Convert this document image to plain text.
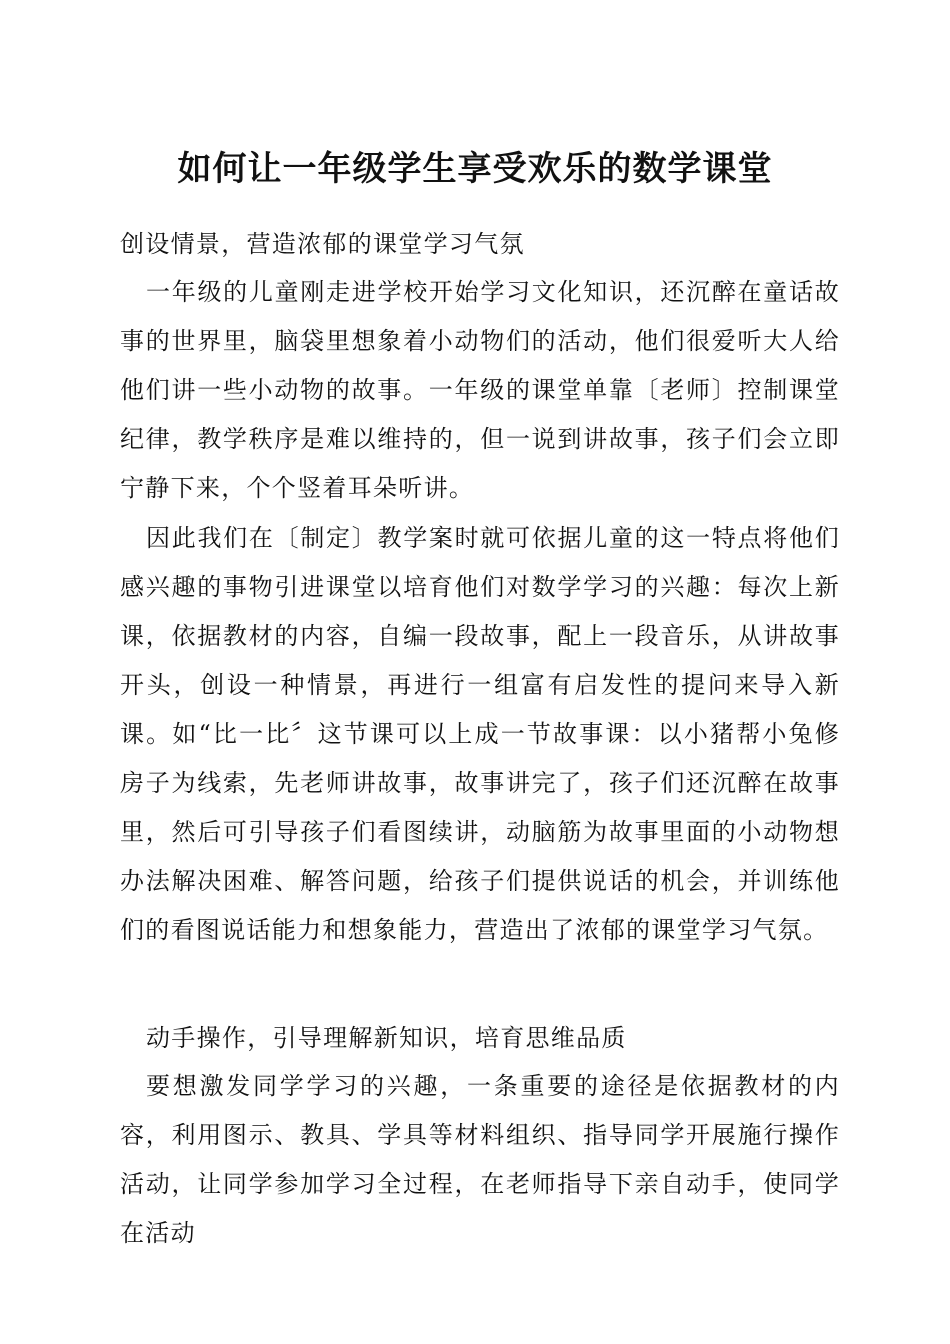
如何让一年级学生享受欢乐的数学课堂

创设情景，营造浓郁的课堂学习气氛

一年级的儿童刚走进学校开始学习文化知识，还沉醉在童话故事的世界里，脑袋里想象着小动物们的活动，他们很爱听大人给他们讲一些小动物的故事。一年级的课堂单靠〔老师〕控制课堂纪律，教学秩序是难以维持的，但一说到讲故事，孩子们会立即宁静下来，个个竖着耳朵听讲。

因此我们在〔制定〕教学案时就可依据儿童的这一特点将他们感兴趣的事物引进课堂以培育他们对数学学习的兴趣：每次上新课，依据教材的内容，自编一段故事，配上一段音乐，从讲故事开头，创设一种情景，再进行一组富有启发性的提问来导入新课。如“比一比〞这节课可以上成一节故事课：以小猪帮小兔修房子为线索，先老师讲故事，故事讲完了，孩子们还沉醉在故事里，然后可引导孩子们看图续讲，动脑筋为故事里面的小动物想办法解决困难、解答问题，给孩子们提供说话的机会，并训练他们的看图说话能力和想象能力，营造出了浓郁的课堂学习气氛。

动手操作，引导理解新知识，培育思维品质

要想激发同学学习的兴趣，一条重要的途径是依据教材的内容，利用图示、教具、学具等材料组织、指导同学开展施行操作活动，让同学参加学习全过程，在老师指导下亲自动手，使同学在活动
